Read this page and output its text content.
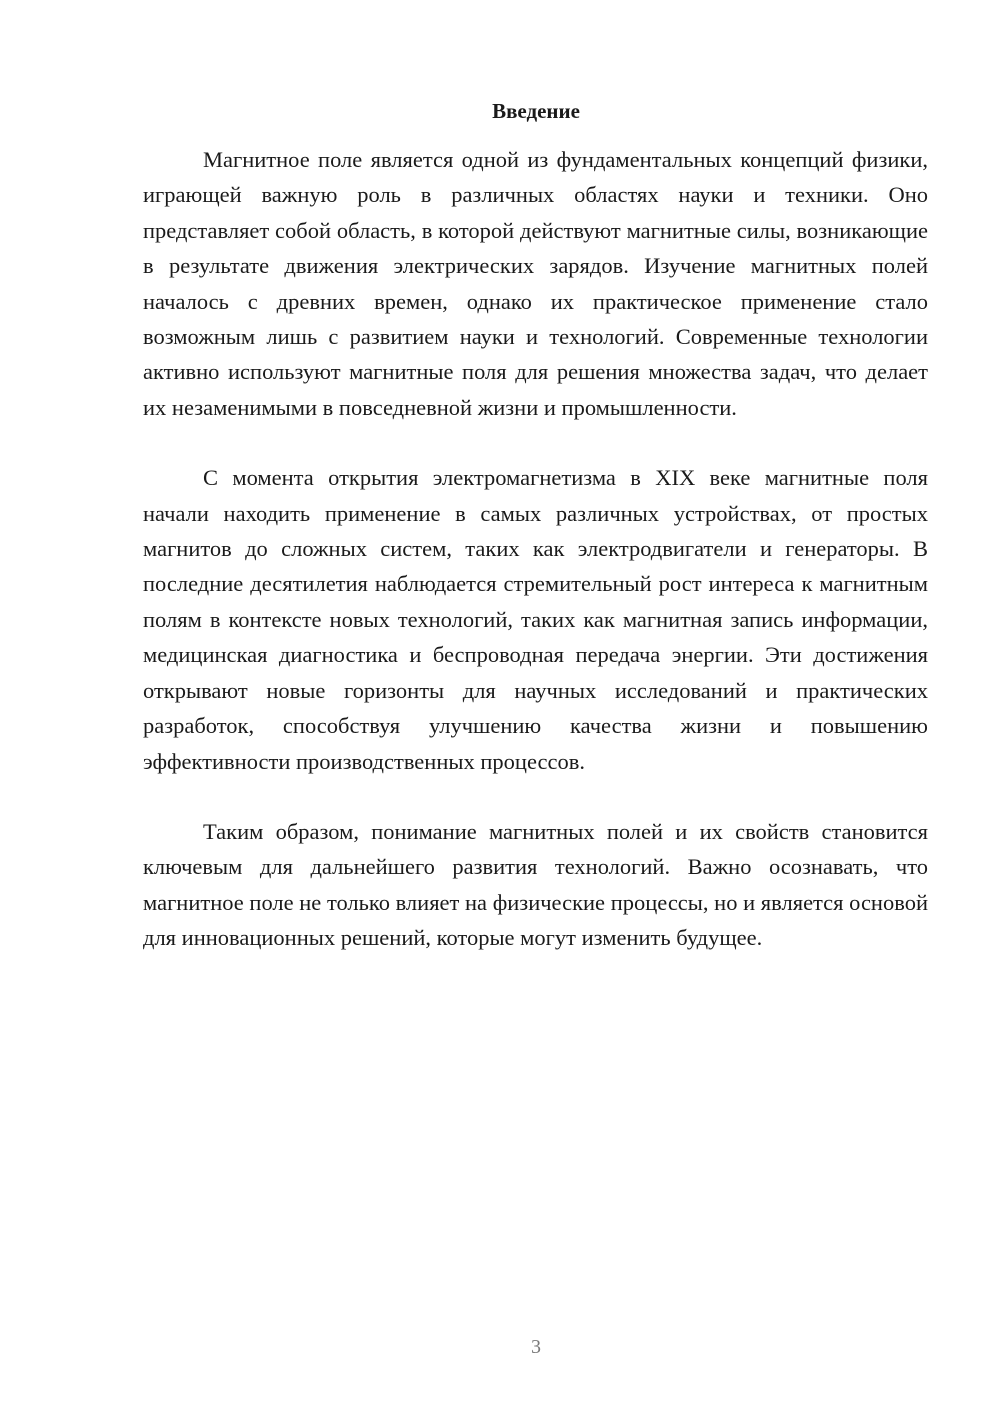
Введение

Магнитное поле является одной из фундаментальных концепций физики, играющей важную роль в различных областях науки и техники. Оно представляет собой область, в которой действуют магнитные силы, возникающие в результате движения электрических зарядов. Изучение магнитных полей началось с древних времен, однако их практическое применение стало возможным лишь с развитием науки и технологий. Современные технологии активно используют магнитные поля для решения множества задач, что делает их незаменимыми в повседневной жизни и промышленности.

С момента открытия электромагнетизма в XIX веке магнитные поля начали находить применение в самых различных устройствах, от простых магнитов до сложных систем, таких как электродвигатели и генераторы. В последние десятилетия наблюдается стремительный рост интереса к магнитным полям в контексте новых технологий, таких как магнитная запись информации, медицинская диагностика и беспроводная передача энергии. Эти достижения открывают новые горизонты для научных исследований и практических разработок, способствуя улучшению качества жизни и повышению эффективности производственных процессов.

Таким образом, понимание магнитных полей и их свойств становится ключевым для дальнейшего развития технологий. Важно осознавать, что магнитное поле не только влияет на физические процессы, но и является основой для инновационных решений, которые могут изменить будущее.

3
